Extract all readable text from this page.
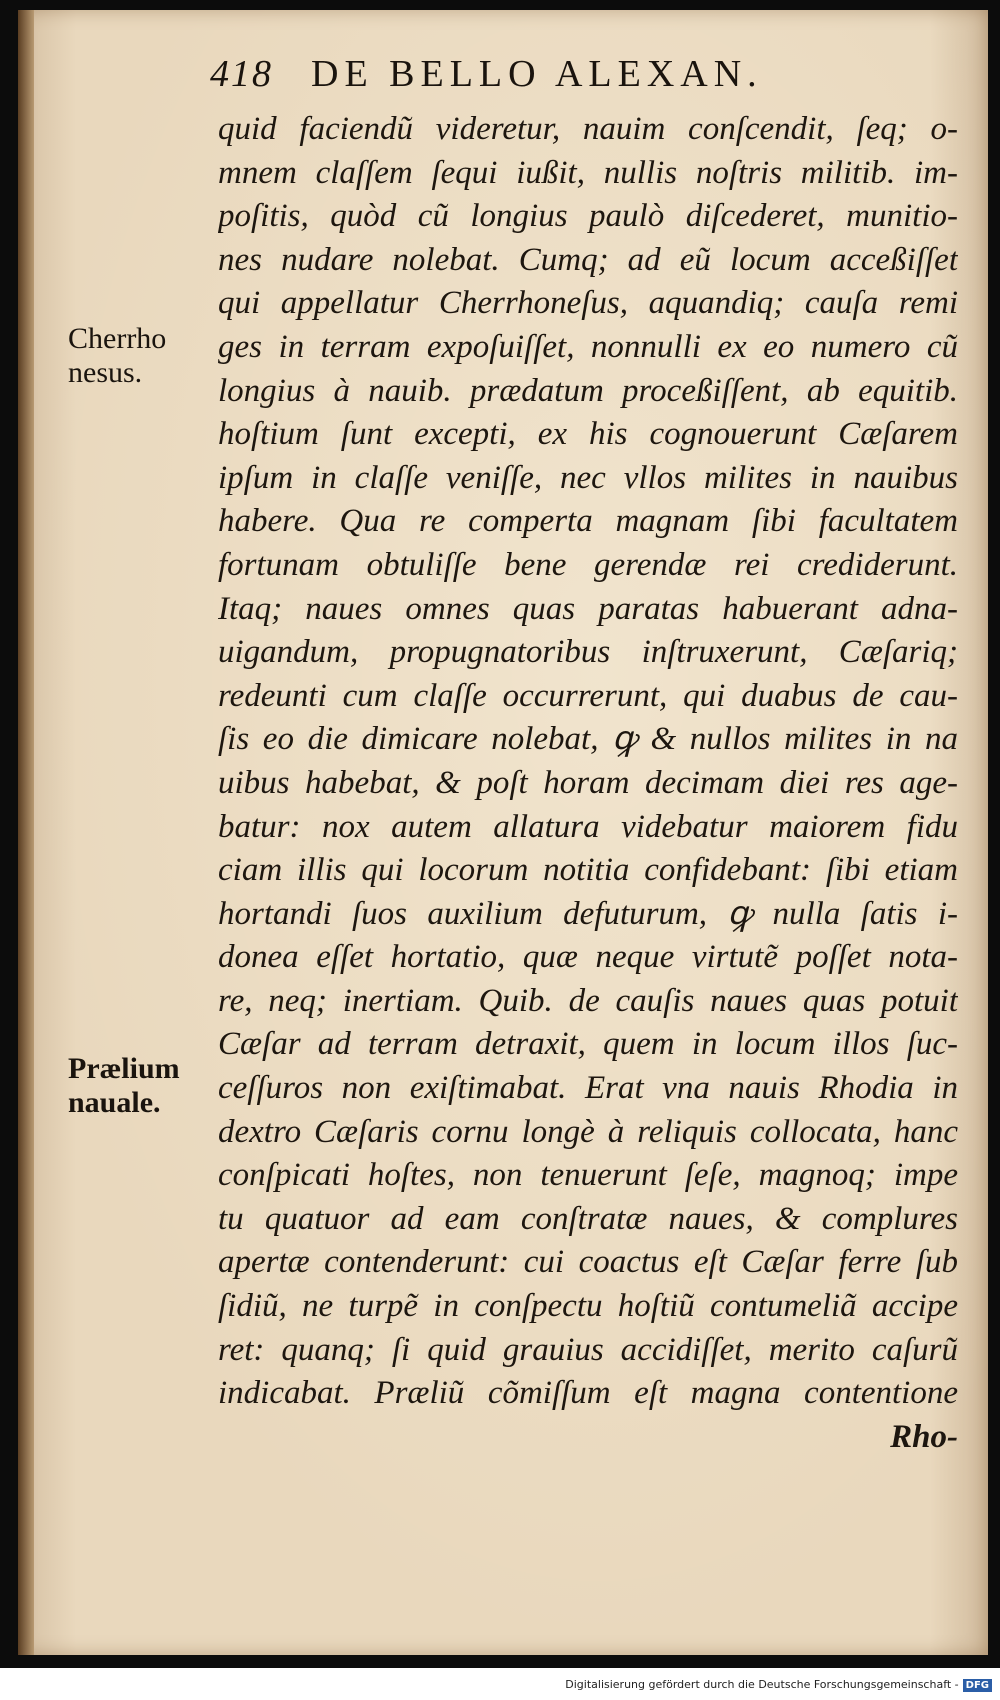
418 DE BELLO ALEXAN.
Cherrho
nesus.
Prælium
nauale.
quid faciendũ videretur, nauim conſcendit, ſeq; o-
mnem claſſem ſequi iußit, nullis noſtris militib. im-
poſitis, quòd cũ longius paulò diſcederet, munitio-
nes nudare nolebat. Cumq; ad eũ locum acceßiſſet
qui appellatur Cherrhoneſus, aquandiq; cauſa remi
ges in terram expoſuiſſet, nonnulli ex eo numero cũ
longius à nauib. prædatum proceßiſſent, ab equitib.
hoſtium ſunt excepti, ex his cognouerunt Cæſarem
ipſum in claſſe veniſſe, nec vllos milites in nauibus
habere. Qua re comperta magnam ſibi facultatem
fortunam obtuliſſe bene gerendæ rei crediderunt.
Itaq; naues omnes quas paratas habuerant adna-
uigandum, propugnatoribus inſtruxerunt, Cæſariq;
redeunti cum claſſe occurrerunt, qui duabus de cau-
ſis eo die dimicare nolebat, ꝙ & nullos milites in na
uibus habebat, & poſt horam decimam diei res age-
batur: nox autem allatura videbatur maiorem fidu
ciam illis qui locorum notitia confidebant: ſibi etiam
hortandi ſuos auxilium defuturum, ꝙ nulla ſatis i-
donea eſſet hortatio, quæ neque virtutẽ poſſet nota-
re, neq; inertiam. Quib. de cauſis naues quas potuit
Cæſar ad terram detraxit, quem in locum illos ſuc-
ceſſuros non exiſtimabat. Erat vna nauis Rhodia in
dextro Cæſaris cornu longè à reliquis collocata, hanc
conſpicati hoſtes, non tenuerunt ſeſe, magnoq; impe
tu quatuor ad eam conſtratæ naues, & complures
apertæ contenderunt: cui coactus eſt Cæſar ferre ſub
ſidiũ, ne turpẽ in conſpectu hoſtiũ contumeliã accipe
ret: quanq; ſi quid grauius accidiſſet, merito caſurũ
indicabat. Præliũ cõmiſſum eſt magna contentione
Rho-
Digitalisierung gefördert durch die Deutsche Forschungsgemeinschaft - DFG
